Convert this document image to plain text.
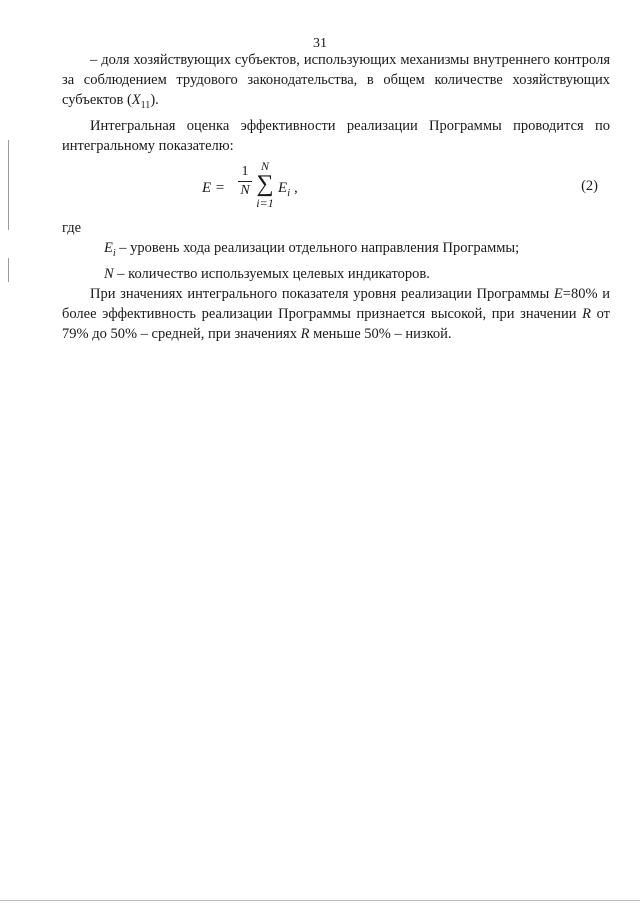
31

– доля хозяйствующих субъектов, использующих механизмы внутреннего контроля за соблюдением трудового законодательства, в общем количестве хозяйствующих субъектов $(X_{11})$.

Интегральная оценка эффективности реализации Программы проводится по интегральному показателю:

E =
1
N
N
∑
i=1
$E_i$ ,	(2)

где

$E_i$ – уровень хода реализации отдельного направления Программы;

N – количество используемых целевых индикаторов.

При значениях интегрального показателя уровня реализации Программы E=80% и более эффективность реализации Программы признается высокой, при значении R от 79% до 50% – средней, при значениях R меньше 50% – низкой.
